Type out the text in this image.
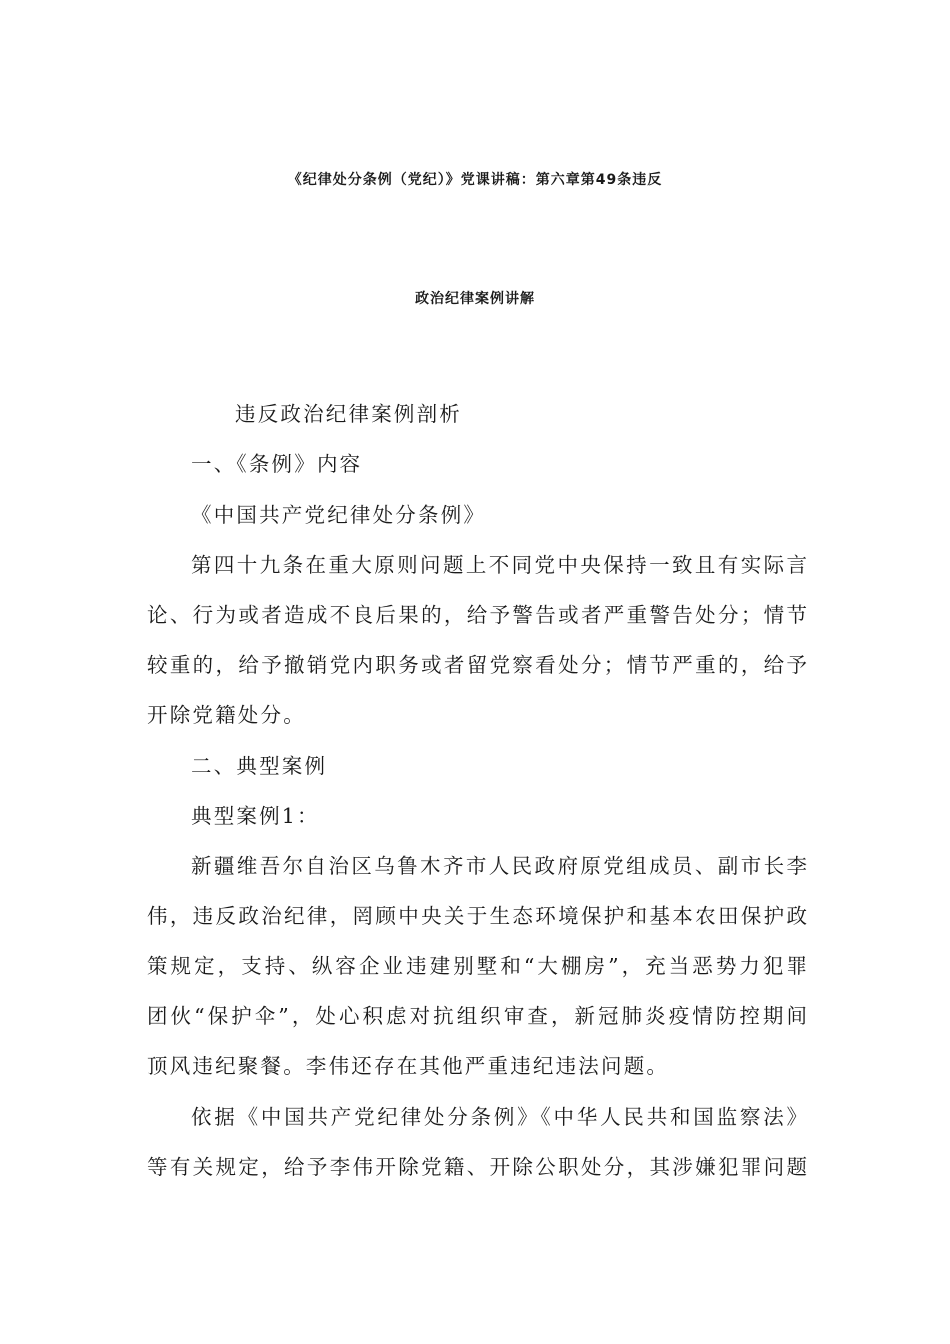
《纪律处分条例（党纪）》党课讲稿：第六章第49条违反
政治纪律案例讲解
违反政治纪律案例剖析
一、《条例》内容
《中国共产党纪律处分条例》
第四十九条在重大原则问题上不同党中央保持一致且有实际言
论、行为或者造成不良后果的，给予警告或者严重警告处分；情节
较重的，给予撤销党内职务或者留党察看处分；情节严重的，给予
开除党籍处分。
二、典型案例
典型案例1：
新疆维吾尔自治区乌鲁木齐市人民政府原党组成员、副市长李
伟，违反政治纪律，罔顾中央关于生态环境保护和基本农田保护政
策规定，支持、纵容企业违建别墅和“大棚房”，充当恶势力犯罪
团伙“保护伞”，处心积虑对抗组织审查，新冠肺炎疫情防控期间
顶风违纪聚餐。李伟还存在其他严重违纪违法问题。
依据《中国共产党纪律处分条例》《中华人民共和国监察法》
等有关规定，给予李伟开除党籍、开除公职处分，其涉嫌犯罪问题
